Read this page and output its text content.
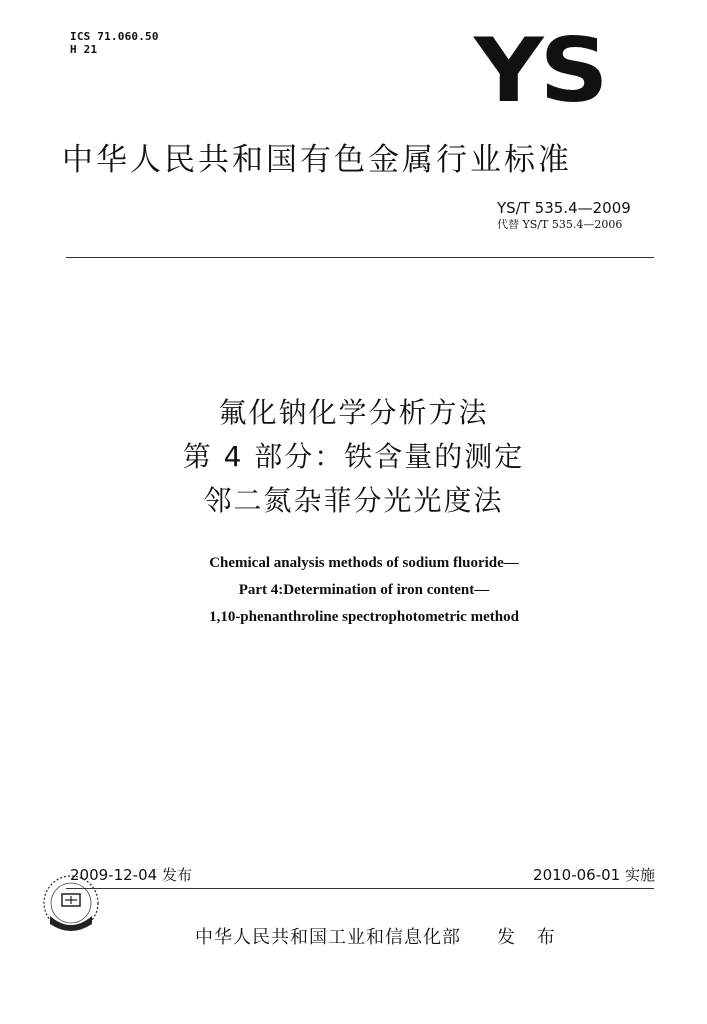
ICS 71.060.50
H 21	YS
中华人民共和国有色金属行业标准
YS/T 535.4—2009
代替 YS/T 535.4—2006
氟化钠化学分析方法
第 4 部分：铁含量的测定
邻二氮杂菲分光光度法
Chemical analysis methods of sodium fluoride—
Part 4:Determination of iron content—
1,10-phenanthroline spectrophotometric method
2009-12-04 发布	2010-06-01 实施
中华人民共和国工业和信息化部 发 布
